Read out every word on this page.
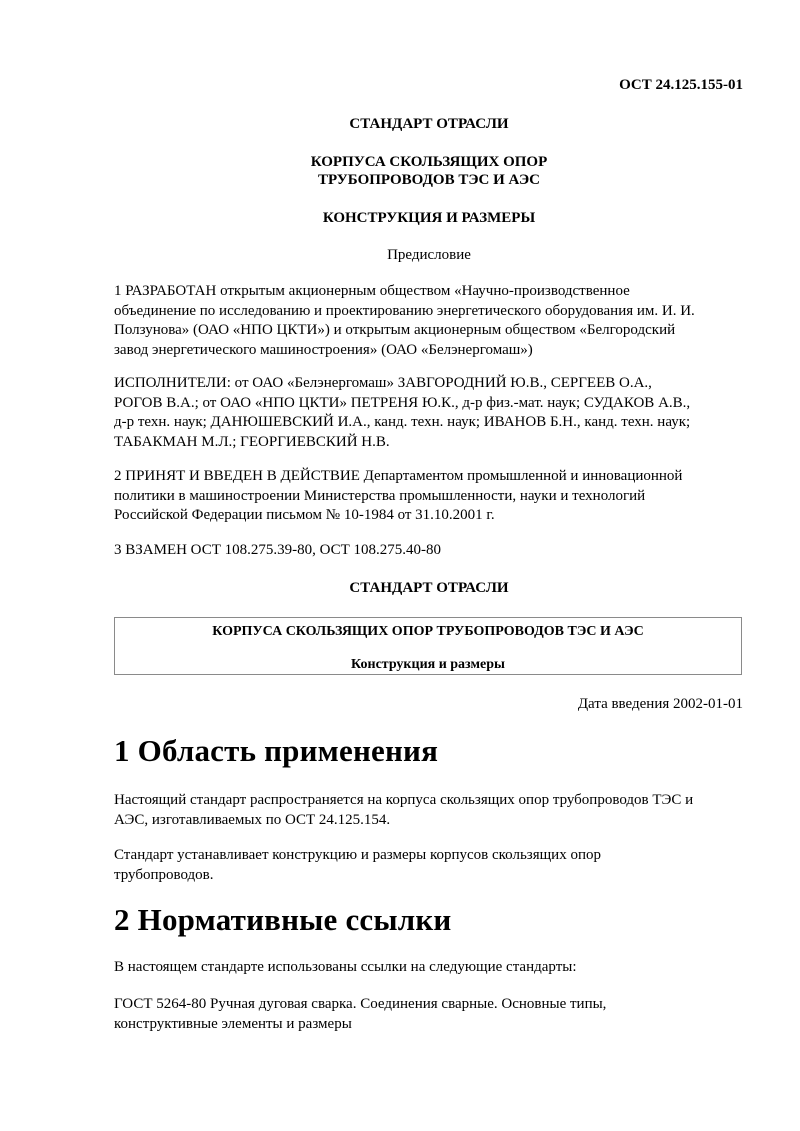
ОСТ 24.125.155-01
СТАНДАРТ ОТРАСЛИ
КОРПУСА СКОЛЬЗЯЩИХ ОПОР
ТРУБОПРОВОДОВ ТЭС И АЭС
КОНСТРУКЦИЯ И РАЗМЕРЫ
Предисловие

1 РАЗРАБОТАН открытым акционерным обществом «Научно-производственное

объединение по исследованию и проектированию энергетического оборудования им. И. И.

Ползунова» (ОАО «НПО ЦКТИ») и открытым акционерным обществом «Белгородский

завод энергетического машиностроения» (ОАО «Белэнергомаш»)

ИСПОЛНИТЕЛИ: от ОАО «Белэнергомаш» ЗАВГОРОДНИЙ Ю.В., СЕРГЕЕВ О.А.,

РОГОВ В.А.; от ОАО «НПО ЦКТИ» ПЕТРЕНЯ Ю.К., д-р физ.-мат. наук; СУДАКОВ А.В.,

д-р техн. наук; ДАНЮШЕВСКИЙ И.А., канд. техн. наук; ИВАНОВ Б.Н., канд. техн. наук;

ТАБАКМАН М.Л.; ГЕОРГИЕВСКИЙ Н.В.

2 ПРИНЯТ И ВВЕДЕН В ДЕЙСТВИЕ Департаментом промышленной и инновационной

политики в машиностроении Министерства промышленности, науки и технологий

Российской Федерации письмом № 10-1984 от 31.10.2001 г.

3 ВЗАМЕН ОСТ 108.275.39-80, ОСТ 108.275.40-80

СТАНДАРТ ОТРАСЛИ
КОРПУСА СКОЛЬЗЯЩИХ ОПОР ТРУБОПРОВОДОВ ТЭС И АЭС
Конструкция и размеры
Дата введения 2002-01-01
1 Область применения

Настоящий стандарт распространяется на корпуса скользящих опор трубопроводов ТЭС и

АЭС, изготавливаемых по ОСТ 24.125.154.

Стандарт устанавливает конструкцию и размеры корпусов скользящих опор

трубопроводов.

2 Нормативные ссылки

В настоящем стандарте использованы ссылки на следующие стандарты:

ГОСТ 5264-80 Ручная дуговая сварка. Соединения сварные. Основные типы,

конструктивные элементы и размеры
